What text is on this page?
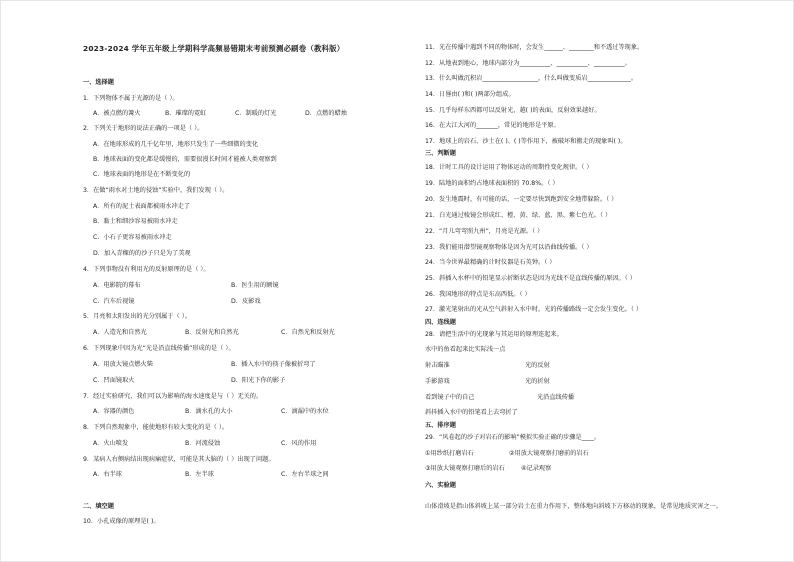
2023-2024 学年五年级上学期科学高频易错期末考前预测必刷卷（教科版）
一、选择题
1．下列物体不属于光源的是（ ）。
A．被点燃的篝火	B．璀璨的霓虹	C．制暖的灯光	D．点燃的蜡烛
2．下列关于地形的说法正确的一项是（ ）。
A．在地球形成的几千亿年里，地形只发生了一些细微的变化
B．地球表面的变化都是缓慢的，需要很漫长时间才能被人类观察到
C．地球表面的地形是在不断变化的
3．在做“雨水对土地的侵蚀”实验中，我们发现（ ）。
A．所有的泥土表面都被雨水冲走了
B．黏土和细沙容易被雨水冲走
C．小石子更容易被雨水冲走
D．加入青稞的的沙子只是为了美观
4．下列事物没有利用光的反射原理的是（ ）。
A．电影院的幕布	B．医生用的额镜
C．汽车后视镜	D．皮影戏
5．月亮和太阳发出的光分别属于（ ）。
A．人造光和自然光	B．反射光和自然光	C．自然光和反射光
6．下列现象中因为光“光是沿直线传播”形成的是（ ）。
A．用放大镜点燃火柴	B．插入水中的筷子像被折弯了
C．凹面镜取火	D．阳光下你的影子
7．经过实验研究，我们可以为影响的海水速度是与（ ）无关的。
A．容器的颜色	B．滴水孔的大小	C．滴漏中的水位
8．下列自然现象中，能使地形有较大变化的是（ ）。
A．火山喷发	B．河流侵蚀	C．风的作用
9．某病人右侧病结出现病痛症状，可能是其大脑的（ ）出现了问题。
A．右半球	B．左半球	C．左右半球之间
二、填空题
10．小孔成像的原理是( )。
11．光在传播中遇到不同的物体时，会发生______、________和不透过等现象。
12．从地表到地心，地球内部分为__________、__________、__________。
13．什么叫做沉积岩__________________，什么叫做变质岩______________。
14．日晷由( )和( )两部分组成。
15．几乎每样东西都可以反射光，越( )的表面，反射效果越好。
16．在大江大河的_______，常见的地形是平原。
17．地球上的岩石、沙土在( )、( )等作用下，被破坏和搬走的现象叫( )。
三、判断题
18．计时工具的设计运用了物体运动的周期性变化规律。（ ）
19．陆地的面积约占地球表面积的 70.8%。（ ）
20．发生地震时，有可能的话，一定要尽快到跑到安全地带躲险。（ ）
21．白光通过棱镜会形成红、橙、黄、绿、蓝、黑、紫七色光。（ ）
22．“月儿弯弯照九州”，月亮是光源。（ ）
23．我们能用潜望镜观察物体是因为光可以沿曲线传播。（ ）
24．当今世界最精确的计时仪器是石英钟。（ ）
25．斜插入水杯中的铅笔显示折断状态是因为光线不是直线传播的原因。（ ）
26．我国地形的特点是东高西低。（ ）
27．激光笔射出的光从空气斜射入水中时，光的传播路线一定会发生变化。（ ）
四、连线题
28．请把生活中的光现象与其运用的原理连起来。
水中的鱼看起来比实际浅一点
射击瞄准	光的反射
手影游戏	光的折射
看到镜子中的自己	光沿直线传播
斜抖插入水中的铅笔看上去弯折了
五、排序题
29．“风卷起的沙子对岩石的影响”模拟实验正确的步骤是____。
①用纱纸打磨岩石	②用放大镜观察打磨前的岩石
③用放大镜观察打磨后的岩石	④记录观察
六、实验题
山体滑坡是指山体斜坡上某一部分岩土在重力作用下，整体地向斜坡下方移动的现象，是常见地质灾害之一。
